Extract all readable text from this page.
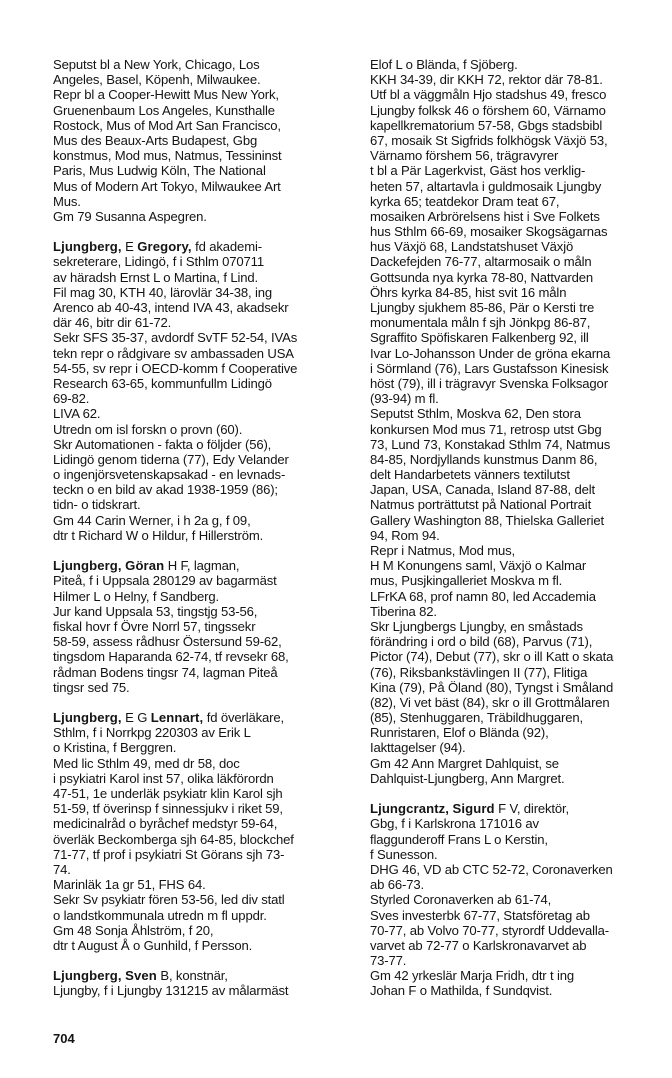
Seputst bl a New York, Chicago, Los
Angeles, Basel, Köpenh, Milwaukee.
Repr bl a Cooper-Hewitt Mus New York,
Gruenenbaum Los Angeles, Kunsthalle
Rostock, Mus of Mod Art San Francisco,
Mus des Beaux-Arts Budapest, Gbg
konstmus, Mod mus, Natmus, Tessininst
Paris, Mus Ludwig Köln, The National
Mus of Modern Art Tokyo, Milwaukee Art
Mus.
Gm 79 Susanna Aspegren.
Ljungberg, E Gregory, fd akademi-
sekreterare, Lidingö, f i Sthlm 070711
av häradsh Ernst L o Martina, f Lind.
Fil mag 30, KTH 40, lärovlär 34-38, ing
Arenco ab 40-43, intend IVA 43, akadsekr
där 46, bitr dir 61-72.
Sekr SFS 35-37, avdordf SvTF 52-54, IVAs
tekn repr o rådgivare sv ambassaden USA
54-55, sv repr i OECD-komm f Cooperative
Research 63-65, kommunfullm Lidingö
69-82.
LIVA 62.
Utredn om isl forskn o provn (60).
Skr Automationen - fakta o följder (56),
Lidingö genom tiderna (77), Edy Velander
o ingenjörsvetenskapsakad - en levnads-
teckn o en bild av akad 1938-1959 (86);
tidn- o tidskrart.
Gm 44 Carin Werner, i h 2a g, f 09,
dtr t Richard W o Hildur, f Hillerström.
Ljungberg, Göran H F, lagman,
Piteå, f i Uppsala 280129 av bagarmäst
Hilmer L o Helny, f Sandberg.
Jur kand Uppsala 53, tingstjg 53-56,
fiskal hovr f Övre Norrl 57, tingssekr
58-59, assess rådhusr Östersund 59-62,
tingsdom Haparanda 62-74, tf revsekr 68,
rådman Bodens tingsr 74, lagman Piteå
tingsr sed 75.
Ljungberg, E G Lennart, fd överläkare,
Sthlm, f i Norrkpg 220303 av Erik L
o Kristina, f Berggren.
Med lic Sthlm 49, med dr 58, doc
i psykiatri Karol inst 57, olika läkförordn
47-51, 1e underläk psykiatr klin Karol sjh
51-59, tf överinsp f sinnessjukv i riket 59,
medicinalråd o byråchef medstyr 59-64,
överläk Beckomberga sjh 64-85, blockchef
71-77, tf prof i psykiatri St Görans sjh 73-
74.
Marinläk 1a gr 51, FHS 64.
Sekr Sv psykiatr fören 53-56, led div statl
o landstkommunala utredn m fl uppdr.
Gm 48 Sonja Åhlström, f 20,
dtr t August Å o Gunhild, f Persson.
Ljungberg, Sven B, konstnär,
Ljungby, f i Ljungby 131215 av målarmäst
Elof L o Blända, f Sjöberg.
KKH 34-39, dir KKH 72, rektor där 78-81.
Utf bl a väggmåln Hjo stadshus 49, fresco
Ljungby folksk 46 o förshem 60, Värnamo
kapellkrematorium 57-58, Gbgs stadsbibl
67, mosaik St Sigfrids folkhögsk Växjö 53,
Värnamo förshem 56, trägravyrer
t bl a Pär Lagerkvist, Gäst hos verklig-
heten 57, altartavla i guldmosaik Ljungby
kyrka 65; teatdekor Dram teat 67,
mosaiken Arbrörelsens hist i Sve Folkets
hus Sthlm 66-69, mosaiker Skogsägarnas
hus Växjö 68, Landstatshuset Växjö
Dackefejden 76-77, altarmosaik o måln
Gottsunda nya kyrka 78-80, Nattvarden
Öhrs kyrka 84-85, hist svit 16 måln
Ljungby sjukhem 85-86, Pär o Kersti tre
monumentala måln f sjh Jönkpg 86-87,
Sgraffito Spöfiskaren Falkenberg 92, ill
Ivar Lo-Johansson Under de gröna ekarna
i Sörmland (76), Lars Gustafsson Kinesisk
höst (79), ill i trägravyr Svenska Folksagor
(93-94) m fl.
Seputst Sthlm, Moskva 62, Den stora
konkursen Mod mus 71, retrosp utst Gbg
73, Lund 73, Konstakad Sthlm 74, Natmus
84-85, Nordjyllands kunstmus Danm 86,
delt Handarbetets vänners textilutst
Japan, USA, Canada, Island 87-88, delt
Natmus porträttutst på National Portrait
Gallery Washington 88, Thielska Galleriet
94, Rom 94.
Repr i Natmus, Mod mus,
H M Konungens saml, Växjö o Kalmar
mus, Pusjkingalleriet Moskva m fl.
LFrKA 68, prof namn 80, led Accademia
Tiberina 82.
Skr Ljungbergs Ljungby, en småstads
förändring i ord o bild (68), Parvus (71),
Pictor (74), Debut (77), skr o ill Katt o skata
(76), Riksbankstävlingen II (77), Flitiga
Kina (79), På Öland (80), Tyngst i Småland
(82), Vi vet bäst (84), skr o ill Grottmålaren
(85), Stenhuggaren, Träbildhuggaren,
Runristaren, Elof o Blända (92),
Iakttagelser (94).
Gm 42 Ann Margret Dahlquist, se
Dahlquist-Ljungberg, Ann Margret.
Ljungcrantz, Sigurd F V, direktör,
Gbg, f i Karlskrona 171016 av
flaggunderoff Frans L o Kerstin,
f Sunesson.
DHG 46, VD ab CTC 52-72, Coronaverken
ab 66-73.
Styrled Coronaverken ab 61-74,
Sves investerbk 67-77, Statsföretag ab
70-77, ab Volvo 70-77, styrordf Uddevalla-
varvet ab 72-77 o Karlskronavarvet ab
73-77.
Gm 42 yrkeslär Marja Fridh, dtr t ing
Johan F o Mathilda, f Sundqvist.
704
